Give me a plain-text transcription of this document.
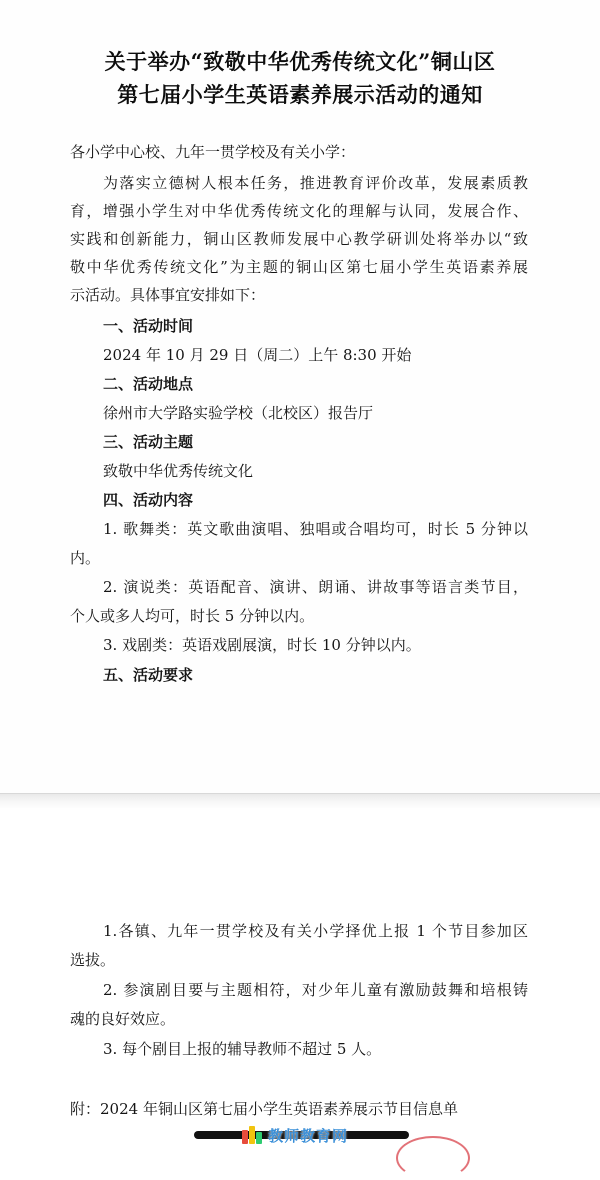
关于举办“致敬中华优秀传统文化”铜山区
第七届小学生英语素养展示活动的通知
各小学中心校、九年一贯学校及有关小学：
为落实立德树人根本任务，推进教育评价改革，发展素质教
育，增强小学生对中华优秀传统文化的理解与认同，发展合作、
实践和创新能力，铜山区教师发展中心教学研训处将举办以“致
敬中华优秀传统文化”为主题的铜山区第七届小学生英语素养展
示活动。具体事宜安排如下：
一、活动时间
2024 年 10 月 29 日（周二）上午 8:30 开始
二、活动地点
徐州市大学路实验学校（北校区）报告厅
三、活动主题
致敬中华优秀传统文化
四、活动内容
1. 歌舞类：英文歌曲演唱、独唱或合唱均可，时长 5 分钟以
内。
2. 演说类：英语配音、演讲、朗诵、讲故事等语言类节目，
个人或多人均可，时长 5 分钟以内。
3. 戏剧类：英语戏剧展演，时长 10 分钟以内。
五、活动要求
1.各镇、九年一贯学校及有关小学择优上报 1 个节目参加区
选拔。
2. 参演剧目要与主题相符，对少年儿童有激励鼓舞和培根铸
魂的良好效应。
3. 每个剧目上报的辅导教师不超过 5 人。
附：2024 年铜山区第七届小学生英语素养展示节目信息单
教师教育网
